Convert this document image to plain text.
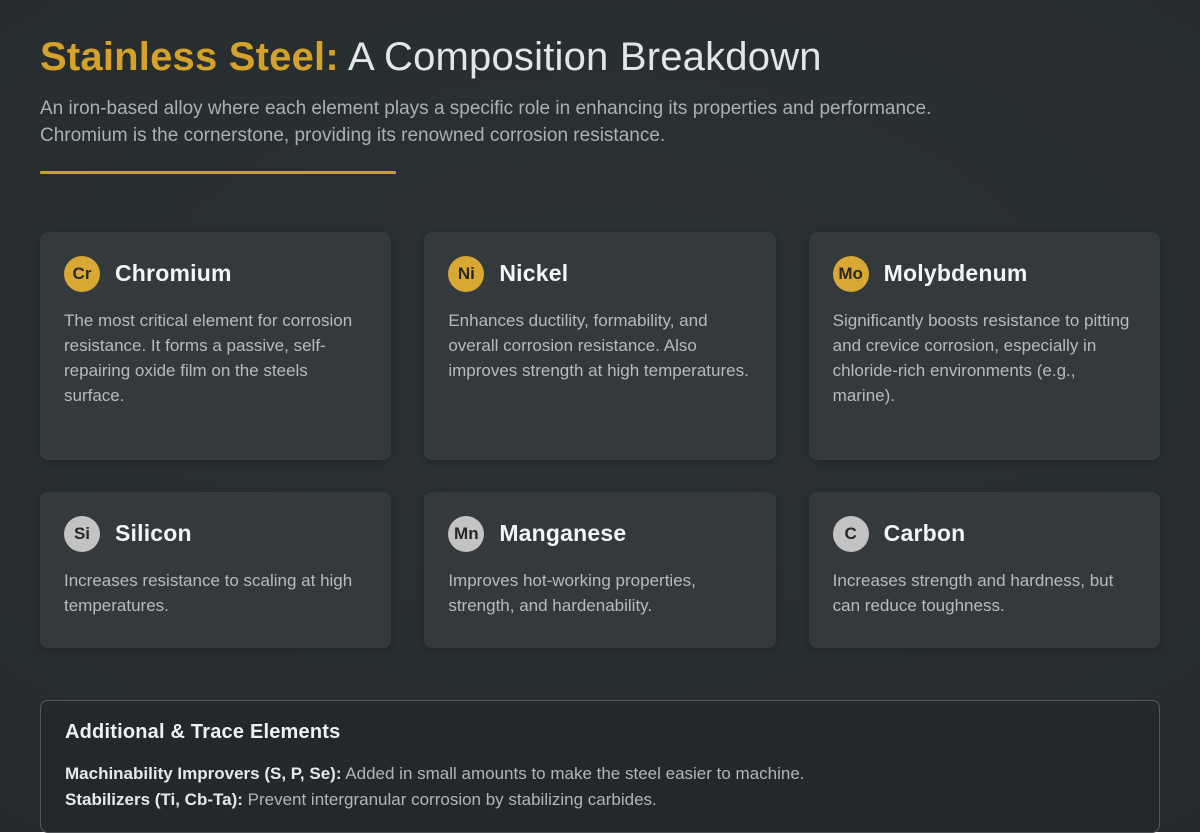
Stainless Steel: A Composition Breakdown
An iron-based alloy where each element plays a specific role in enhancing its properties and performance.
Chromium is the cornerstone, providing its renowned corrosion resistance.
Cr	Chromium
The most critical element for corrosion resistance. It forms a passive, self-repairing oxide film on the steels surface.
Ni	Nickel
Enhances ductility, formability, and overall corrosion resistance. Also improves strength at high temperatures.
Mo Molybdenum
Significantly boosts resistance to pitting and crevice corrosion, especially in chloride-rich environments (e.g., marine).
Si	Silicon
Increases resistance to scaling at high temperatures.
Mn Manganese
Improves hot-working properties, strength, and hardenability.
C	Carbon
Increases strength and hardness, but can reduce toughness.
Additional & Trace Elements
Machinability Improvers (S, P, Se): Added in small amounts to make the steel easier to machine.
Stabilizers (Ti, Cb-Ta): Prevent intergranular corrosion by stabilizing carbides.
